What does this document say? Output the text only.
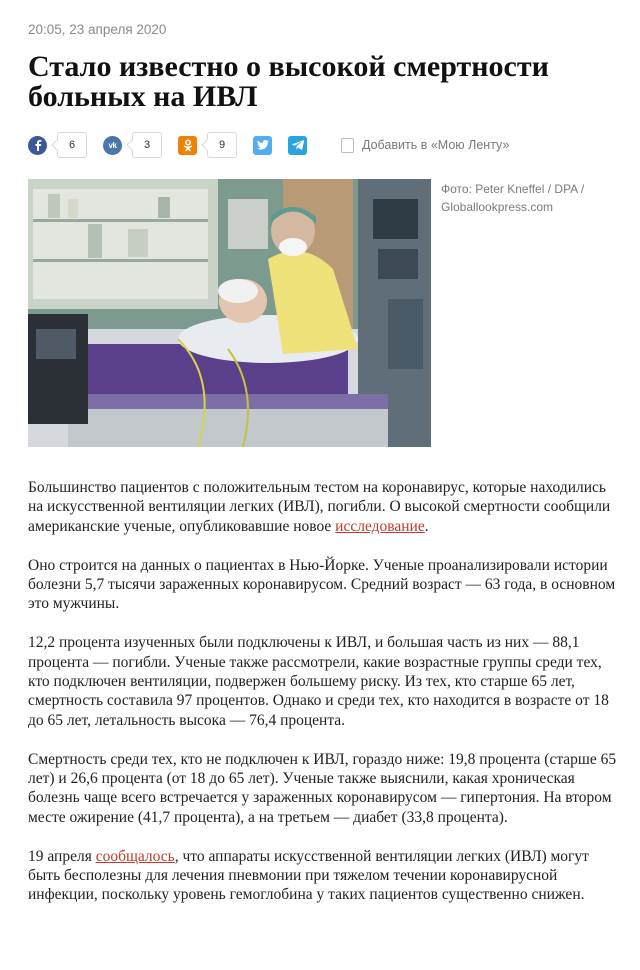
20:05, 23 апреля 2020
Стало известно о высокой смертности больных на ИВЛ
6	vk	3	9	Добавить в «Мою Ленту»
Фото: Peter Kneffel / DPA / Globallookpress.com

Большинство пациентов с положительным тестом на коронавирус, которые находились на искусственной вентиляции легких (ИВЛ), погибли. О высокой смертности сообщили американские ученые, опубликовавшие новое исследование.

Оно строится на данных о пациентах в Нью-Йорке. Ученые проанализировали истории болезни 5,7 тысячи зараженных коронавирусом. Средний возраст — 63 года, в основном это мужчины.

12,2 процента изученных были подключены к ИВЛ, и большая часть из них — 88,1 процента — погибли. Ученые также рассмотрели, какие возрастные группы среди тех, кто подключен вентиляции, подвержен большему риску. Из тех, кто старше 65 лет, смертность составила 97 процентов. Однако и среди тех, кто находится в возрасте от 18 до 65 лет, летальность высока — 76,4 процента.

Смертность среди тех, кто не подключен к ИВЛ, гораздо ниже: 19,8 процента (старше 65 лет) и 26,6 процента (от 18 до 65 лет). Ученые также выяснили, какая хроническая болезнь чаще всего встречается у зараженных коронавирусом — гипертония. На втором месте ожирение (41,7 процента), а на третьем — диабет (33,8 процента).

19 апреля сообщалось, что аппараты искусственной вентиляции легких (ИВЛ) могут быть бесполезны для лечения пневмонии при тяжелом течении коронавирусной инфекции, поскольку уровень гемоглобина у таких пациентов существенно снижен.
